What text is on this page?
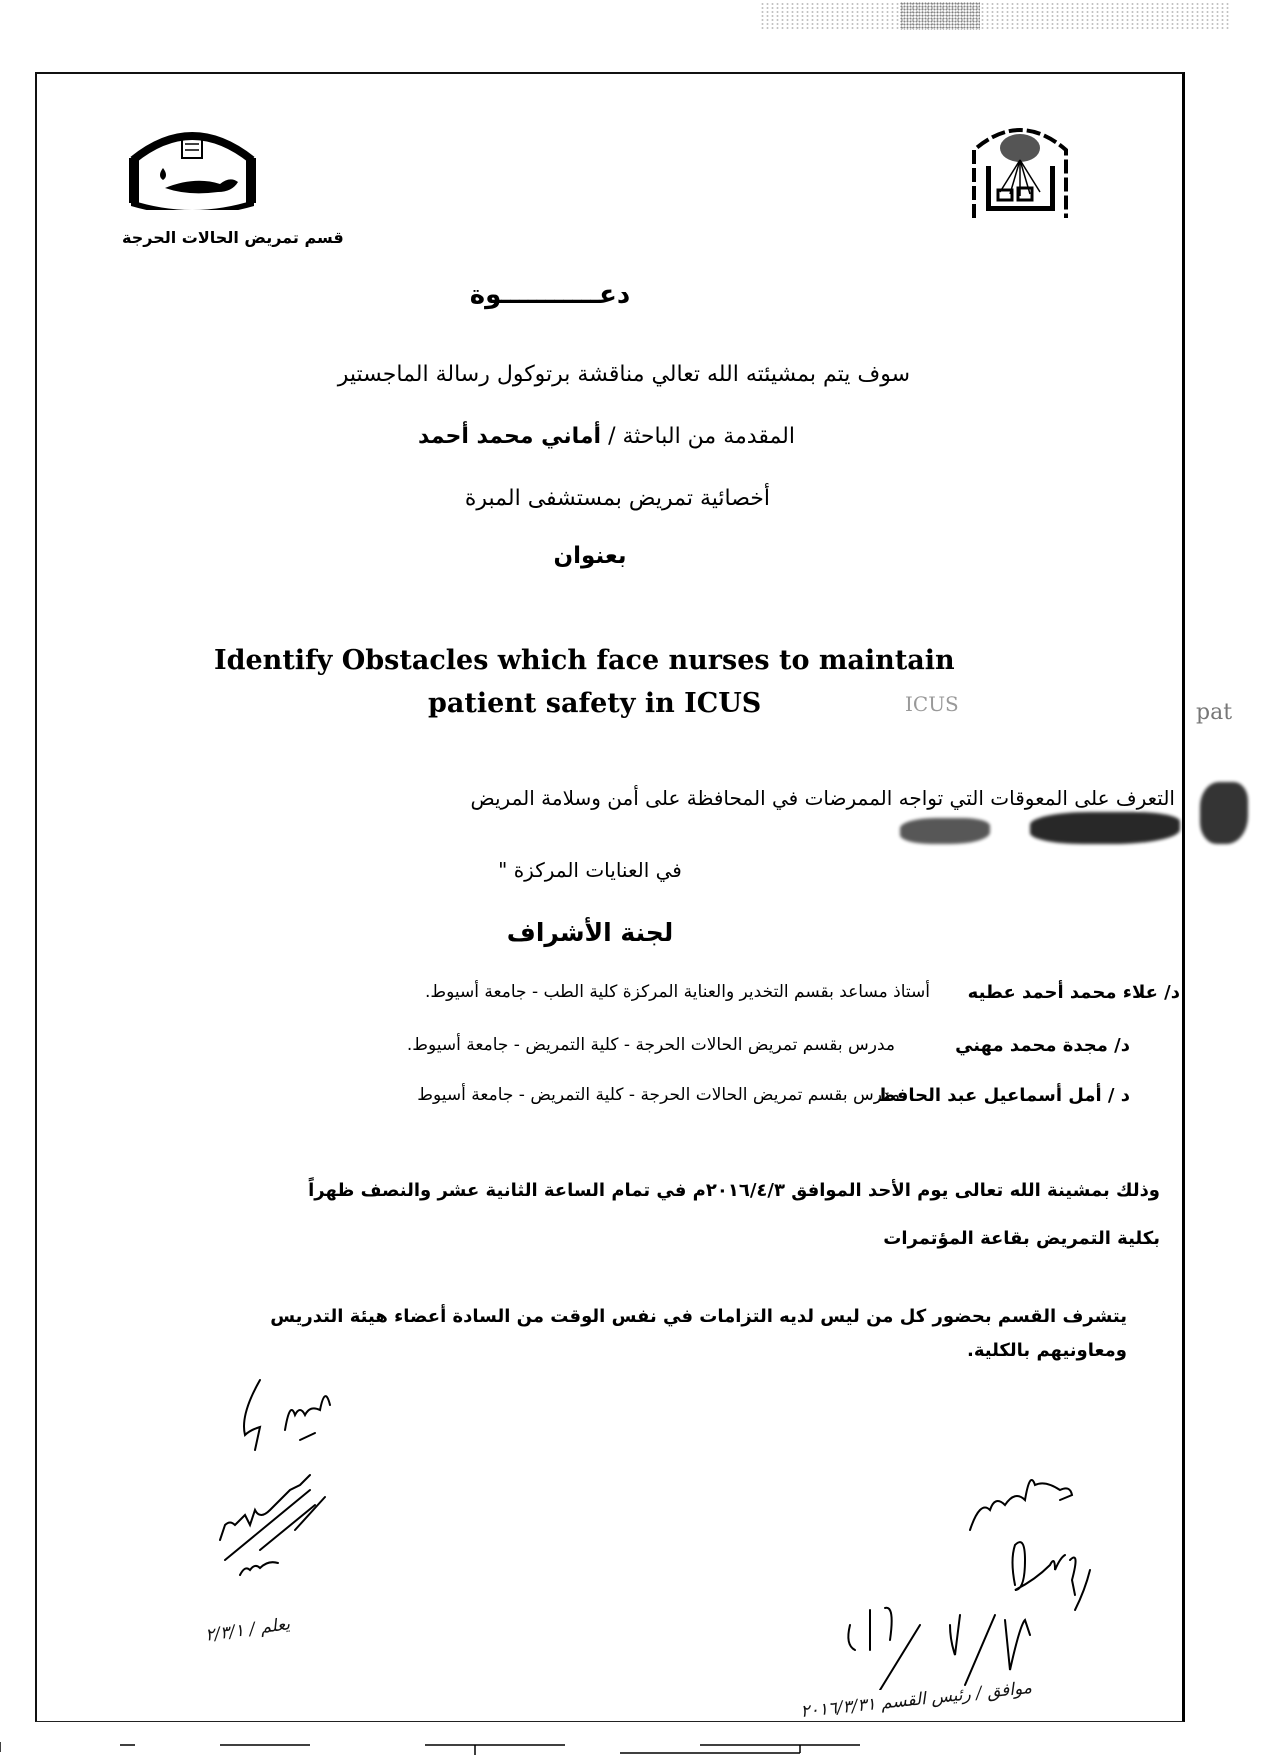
قسم تمريض الحالات الحرجة
دعـــــــــــوة
سوف يتم بمشيئته الله تعالي مناقشة برتوكول رسالة الماجستير
المقدمة من الباحثة / أماني محمد أحمد
أخصائية تمريض بمستشفى المبرة
بعنوان
Identify Obstacles which face nurses to maintain
patient safety in ICUS	ICUS	pat
التعرف على المعوقات التي تواجه الممرضات في المحافظة على أمن وسلامة المريض
في العنايات المركزة "
لجنة الأشراف
د/ علاء محمد أحمد عطيه
أستاذ مساعد بقسم التخدير والعناية المركزة كلية الطب - جامعة أسيوط.
د/ مجدة محمد مهني
مدرس بقسم تمريض الحالات الحرجة - كلية التمريض - جامعة أسيوط.
د / أمل أسماعيل عبد الحافظ
مدرس بقسم تمريض الحالات الحرجة - كلية التمريض - جامعة أسيوط
وذلك بمشينة الله تعالى يوم الأحد الموافق ٢٠١٦/٤/٣م في تمام الساعة الثانية عشر والنصف ظهراً
بكلية التمريض بقاعة المؤتمرات
يتشرف القسم بحضور كل من ليس لديه التزامات في نفس الوقت من السادة أعضاء هيئة التدريس
ومعاونيهم بالكلية.
يعلم / ٢/٣/١
موافق / رئيس القسم ٢٠١٦/٣/٣١
